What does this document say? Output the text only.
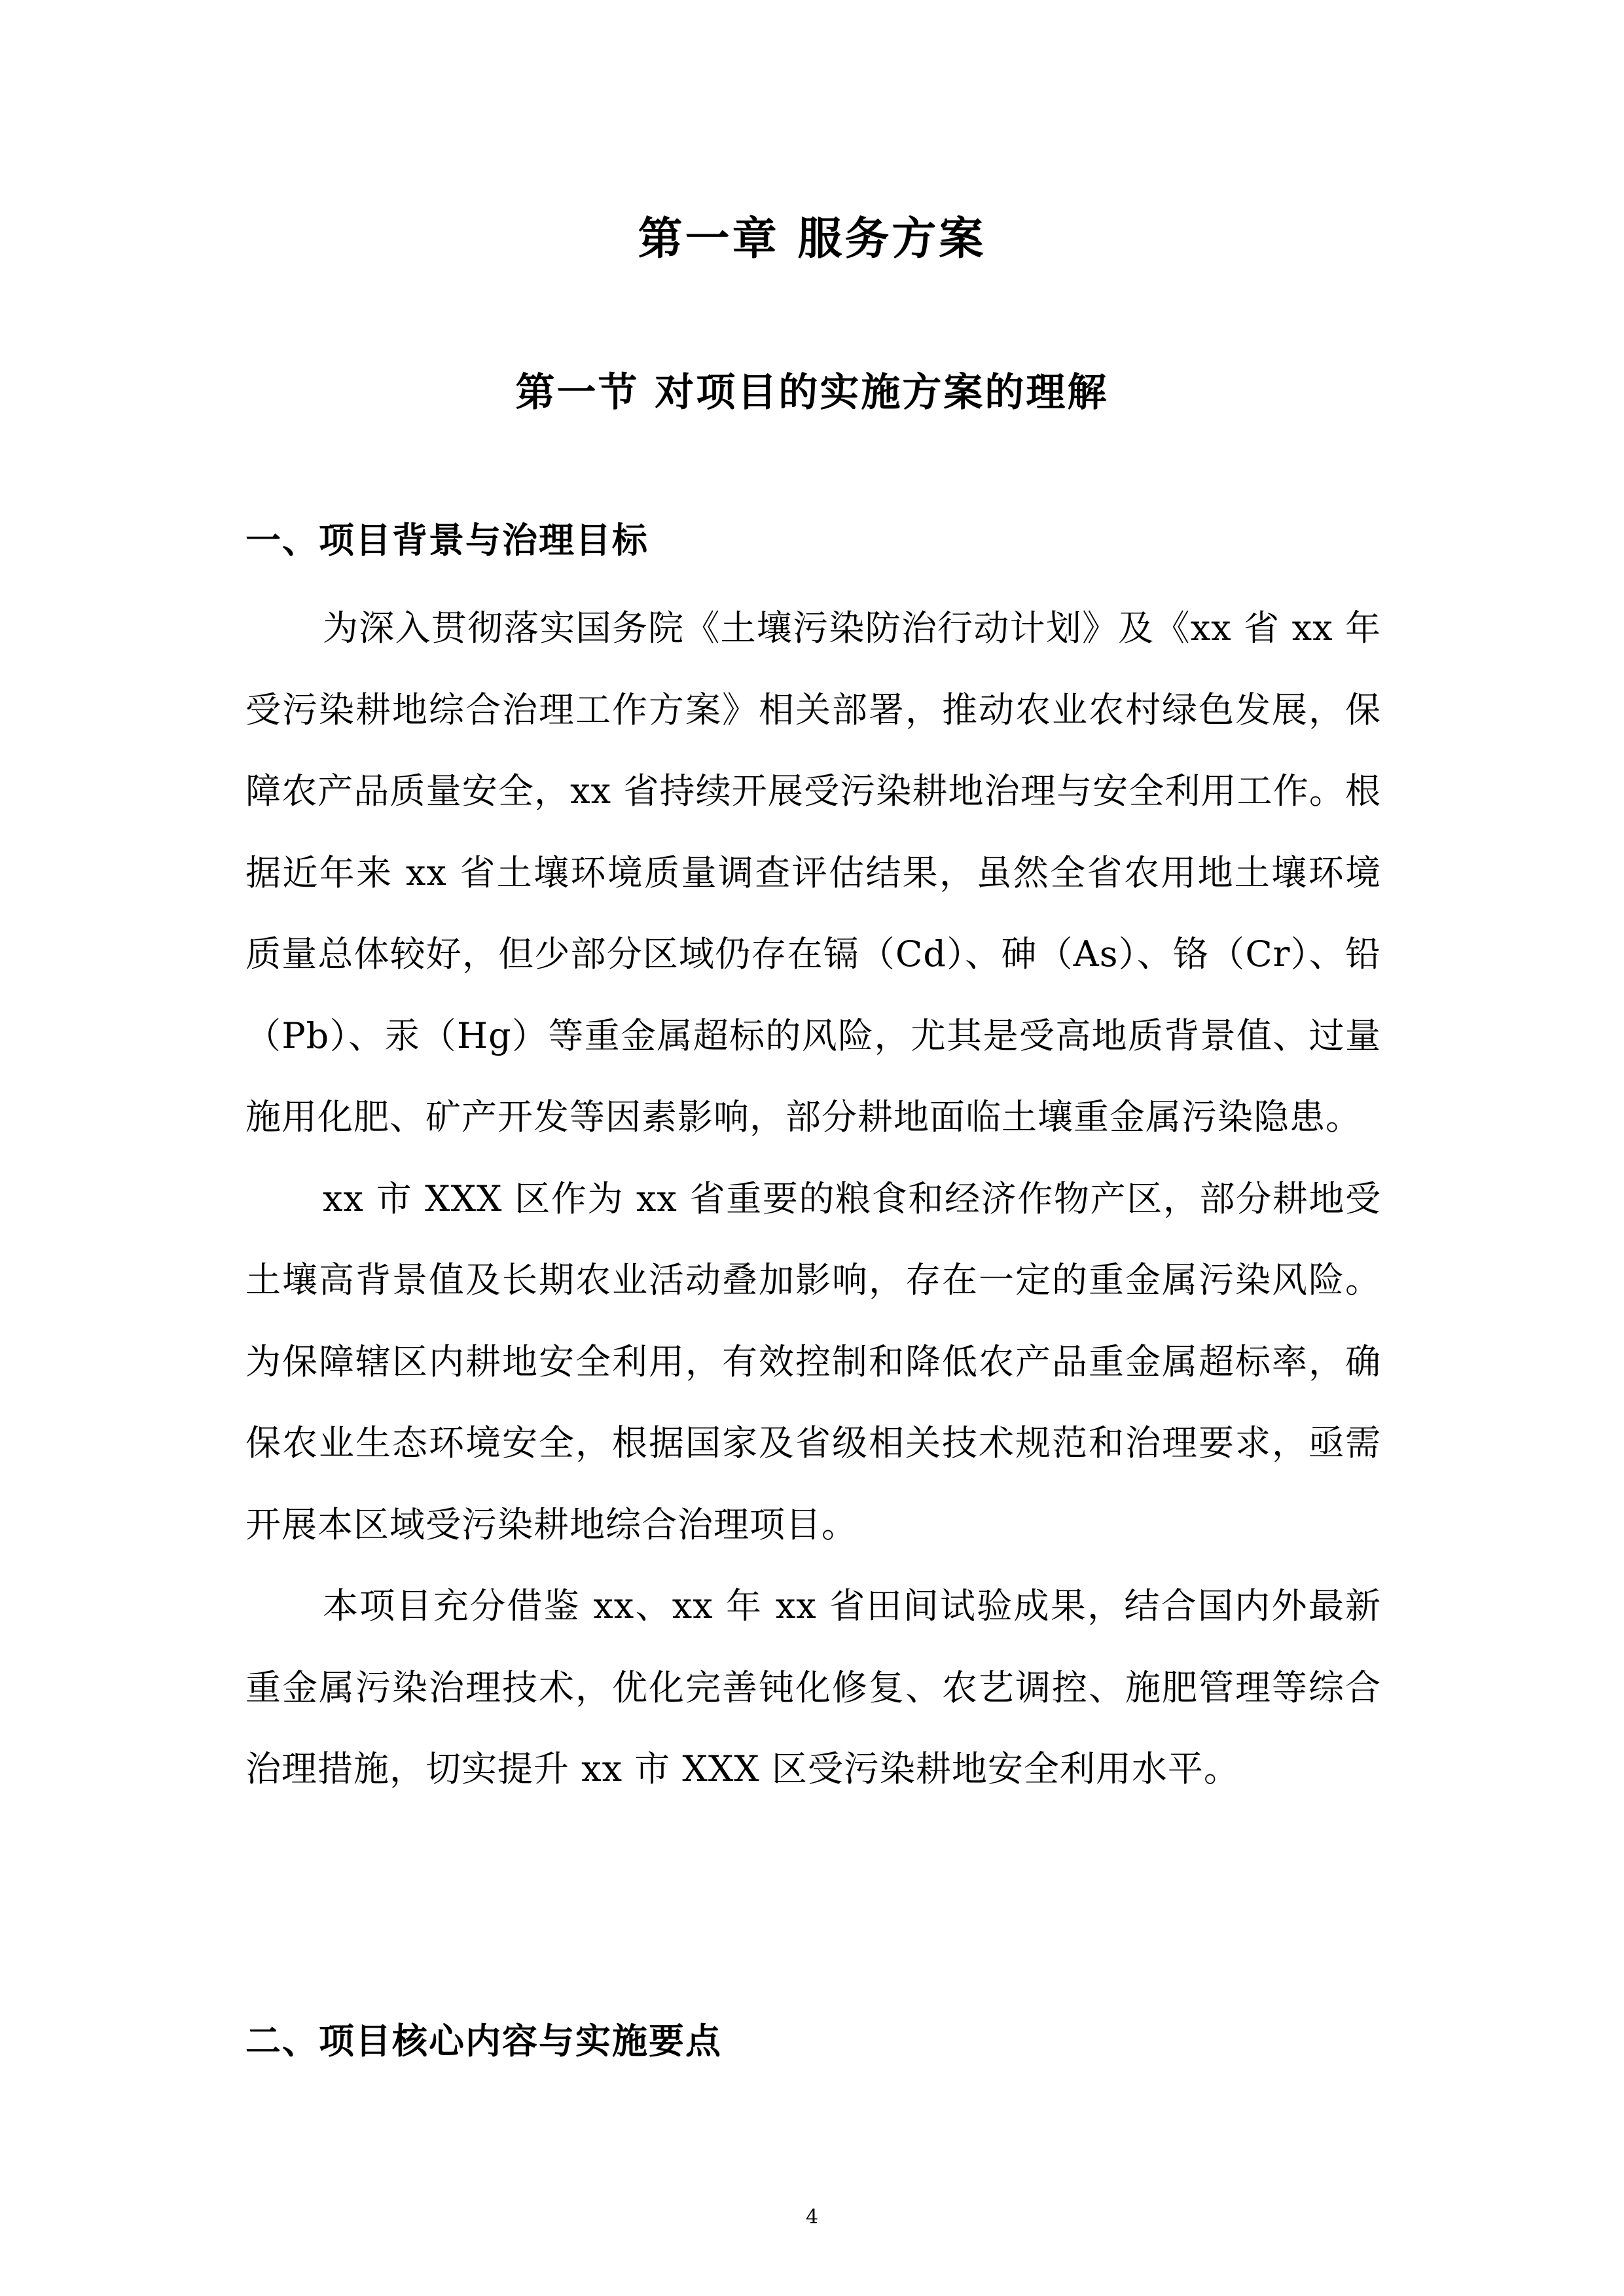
第一章 服务方案
第一节 对项目的实施方案的理解
一、项目背景与治理目标

为深入贯彻落实国务院《土壤污染防治行动计划》及《xx 省 xx 年受污染耕地综合治理工作方案》相关部署，推动农业农村绿色发展，保障农产品质量安全，xx 省持续开展受污染耕地治理与安全利用工作。根据近年来 xx 省土壤环境质量调查评估结果，虽然全省农用地土壤环境质量总体较好，但少部分区域仍存在镉（Cd）、砷（As）、铬（Cr）、铅（Pb）、汞（Hg）等重金属超标的风险，尤其是受高地质背景值、过量施用化肥、矿产开发等因素影响，部分耕地面临土壤重金属污染隐患。

xx 市 XXX 区作为 xx 省重要的粮食和经济作物产区，部分耕地受土壤高背景值及长期农业活动叠加影响，存在一定的重金属污染风险。为保障辖区内耕地安全利用，有效控制和降低农产品重金属超标率，确保农业生态环境安全，根据国家及省级相关技术规范和治理要求，亟需开展本区域受污染耕地综合治理项目。

本项目充分借鉴 xx、xx 年 xx 省田间试验成果，结合国内外最新重金属污染治理技术，优化完善钝化修复、农艺调控、施肥管理等综合治理措施，切实提升 xx 市 XXX 区受污染耕地安全利用水平。

二、项目核心内容与实施要点

4
